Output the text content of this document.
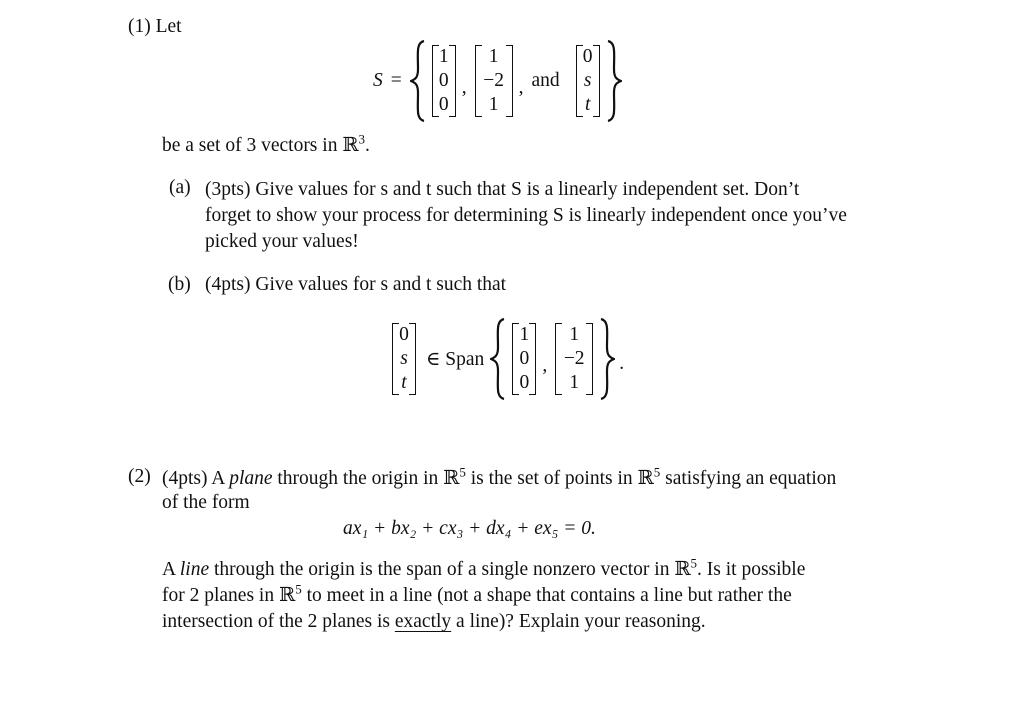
(1) Let
S =
1
0
0
,
1
−2
1
, and
0
s
t
be a set of 3 vectors in ℝ$^3$.
(a) (3pts) Give values for s and t such that S is a linearly independent set. Don’t
forget to show your process for determining S is linearly independent once you’ve
picked your values!
(b) (4pts) Give values for s and t such that
0
s
t
∈ Span
1
0
0
,
1
−2
1
.
(2) (4pts) A plane through the origin in ℝ$^5$ is the set of points in ℝ$^5$ satisfying an equation
of the form
ax₁ + bx₂ + cx₃ + dx₄ + ex₅ = 0.
A line through the origin is the span of a single nonzero vector in ℝ$^5$. Is it possible
for 2 planes in ℝ$^5$ to meet in a line (not a shape that contains a line but rather the
intersection of the 2 planes is exactly a line)? Explain your reasoning.
